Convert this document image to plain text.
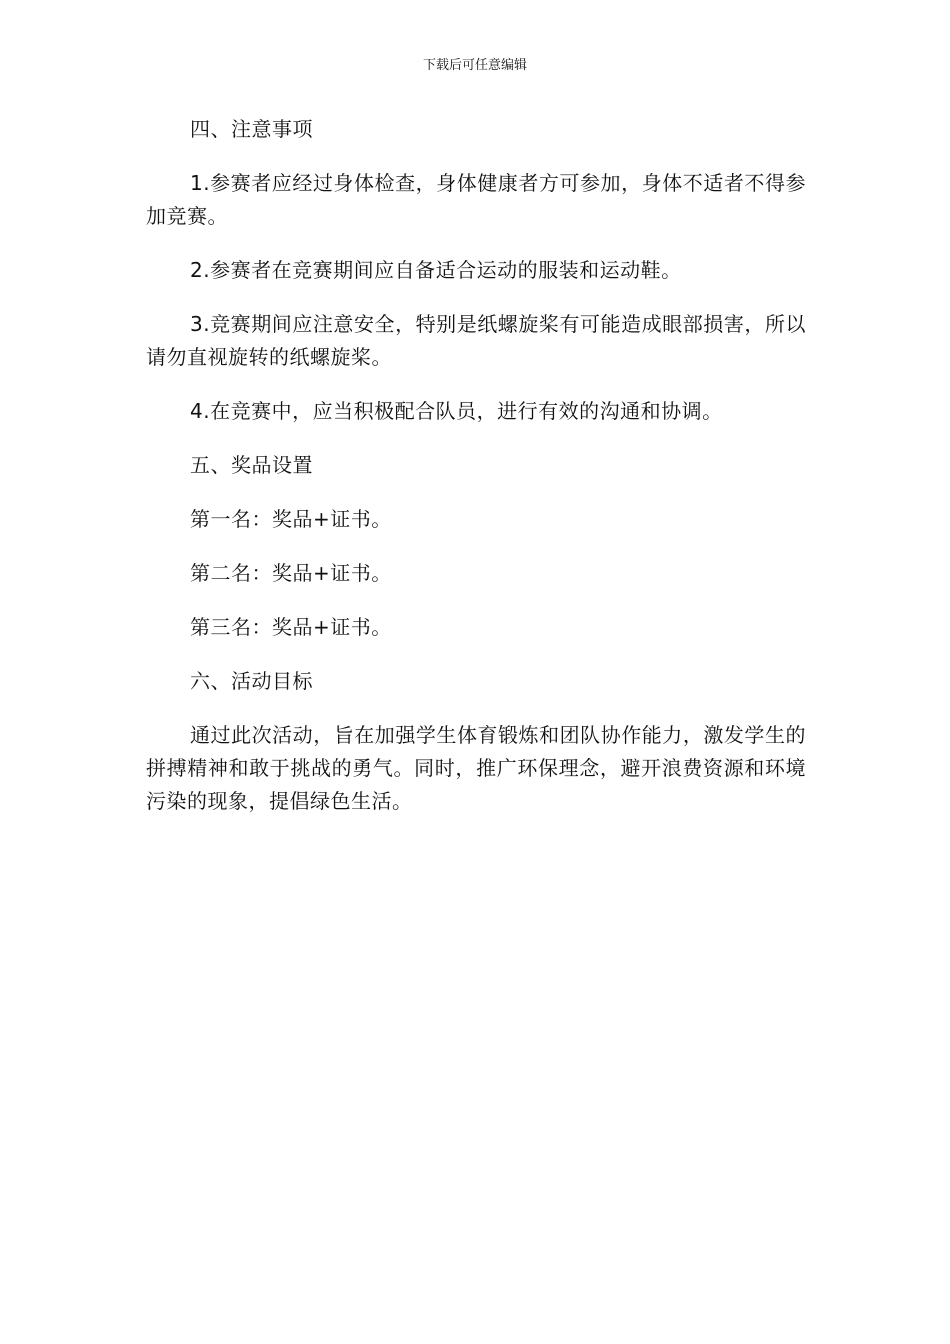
下载后可任意编辑

四、注意事项

1.参赛者应经过身体检查，身体健康者方可参加，身体不适者不得参加竞赛。

2.参赛者在竞赛期间应自备适合运动的服装和运动鞋。

3.竞赛期间应注意安全，特别是纸螺旋桨有可能造成眼部损害，所以请勿直视旋转的纸螺旋桨。

4.在竞赛中，应当积极配合队员，进行有效的沟通和协调。

五、奖品设置

第一名：奖品+证书。

第二名：奖品+证书。

第三名：奖品+证书。

六、活动目标

通过此次活动，旨在加强学生体育锻炼和团队协作能力，激发学生的拼搏精神和敢于挑战的勇气。同时，推广环保理念，避开浪费资源和环境污染的现象，提倡绿色生活。
